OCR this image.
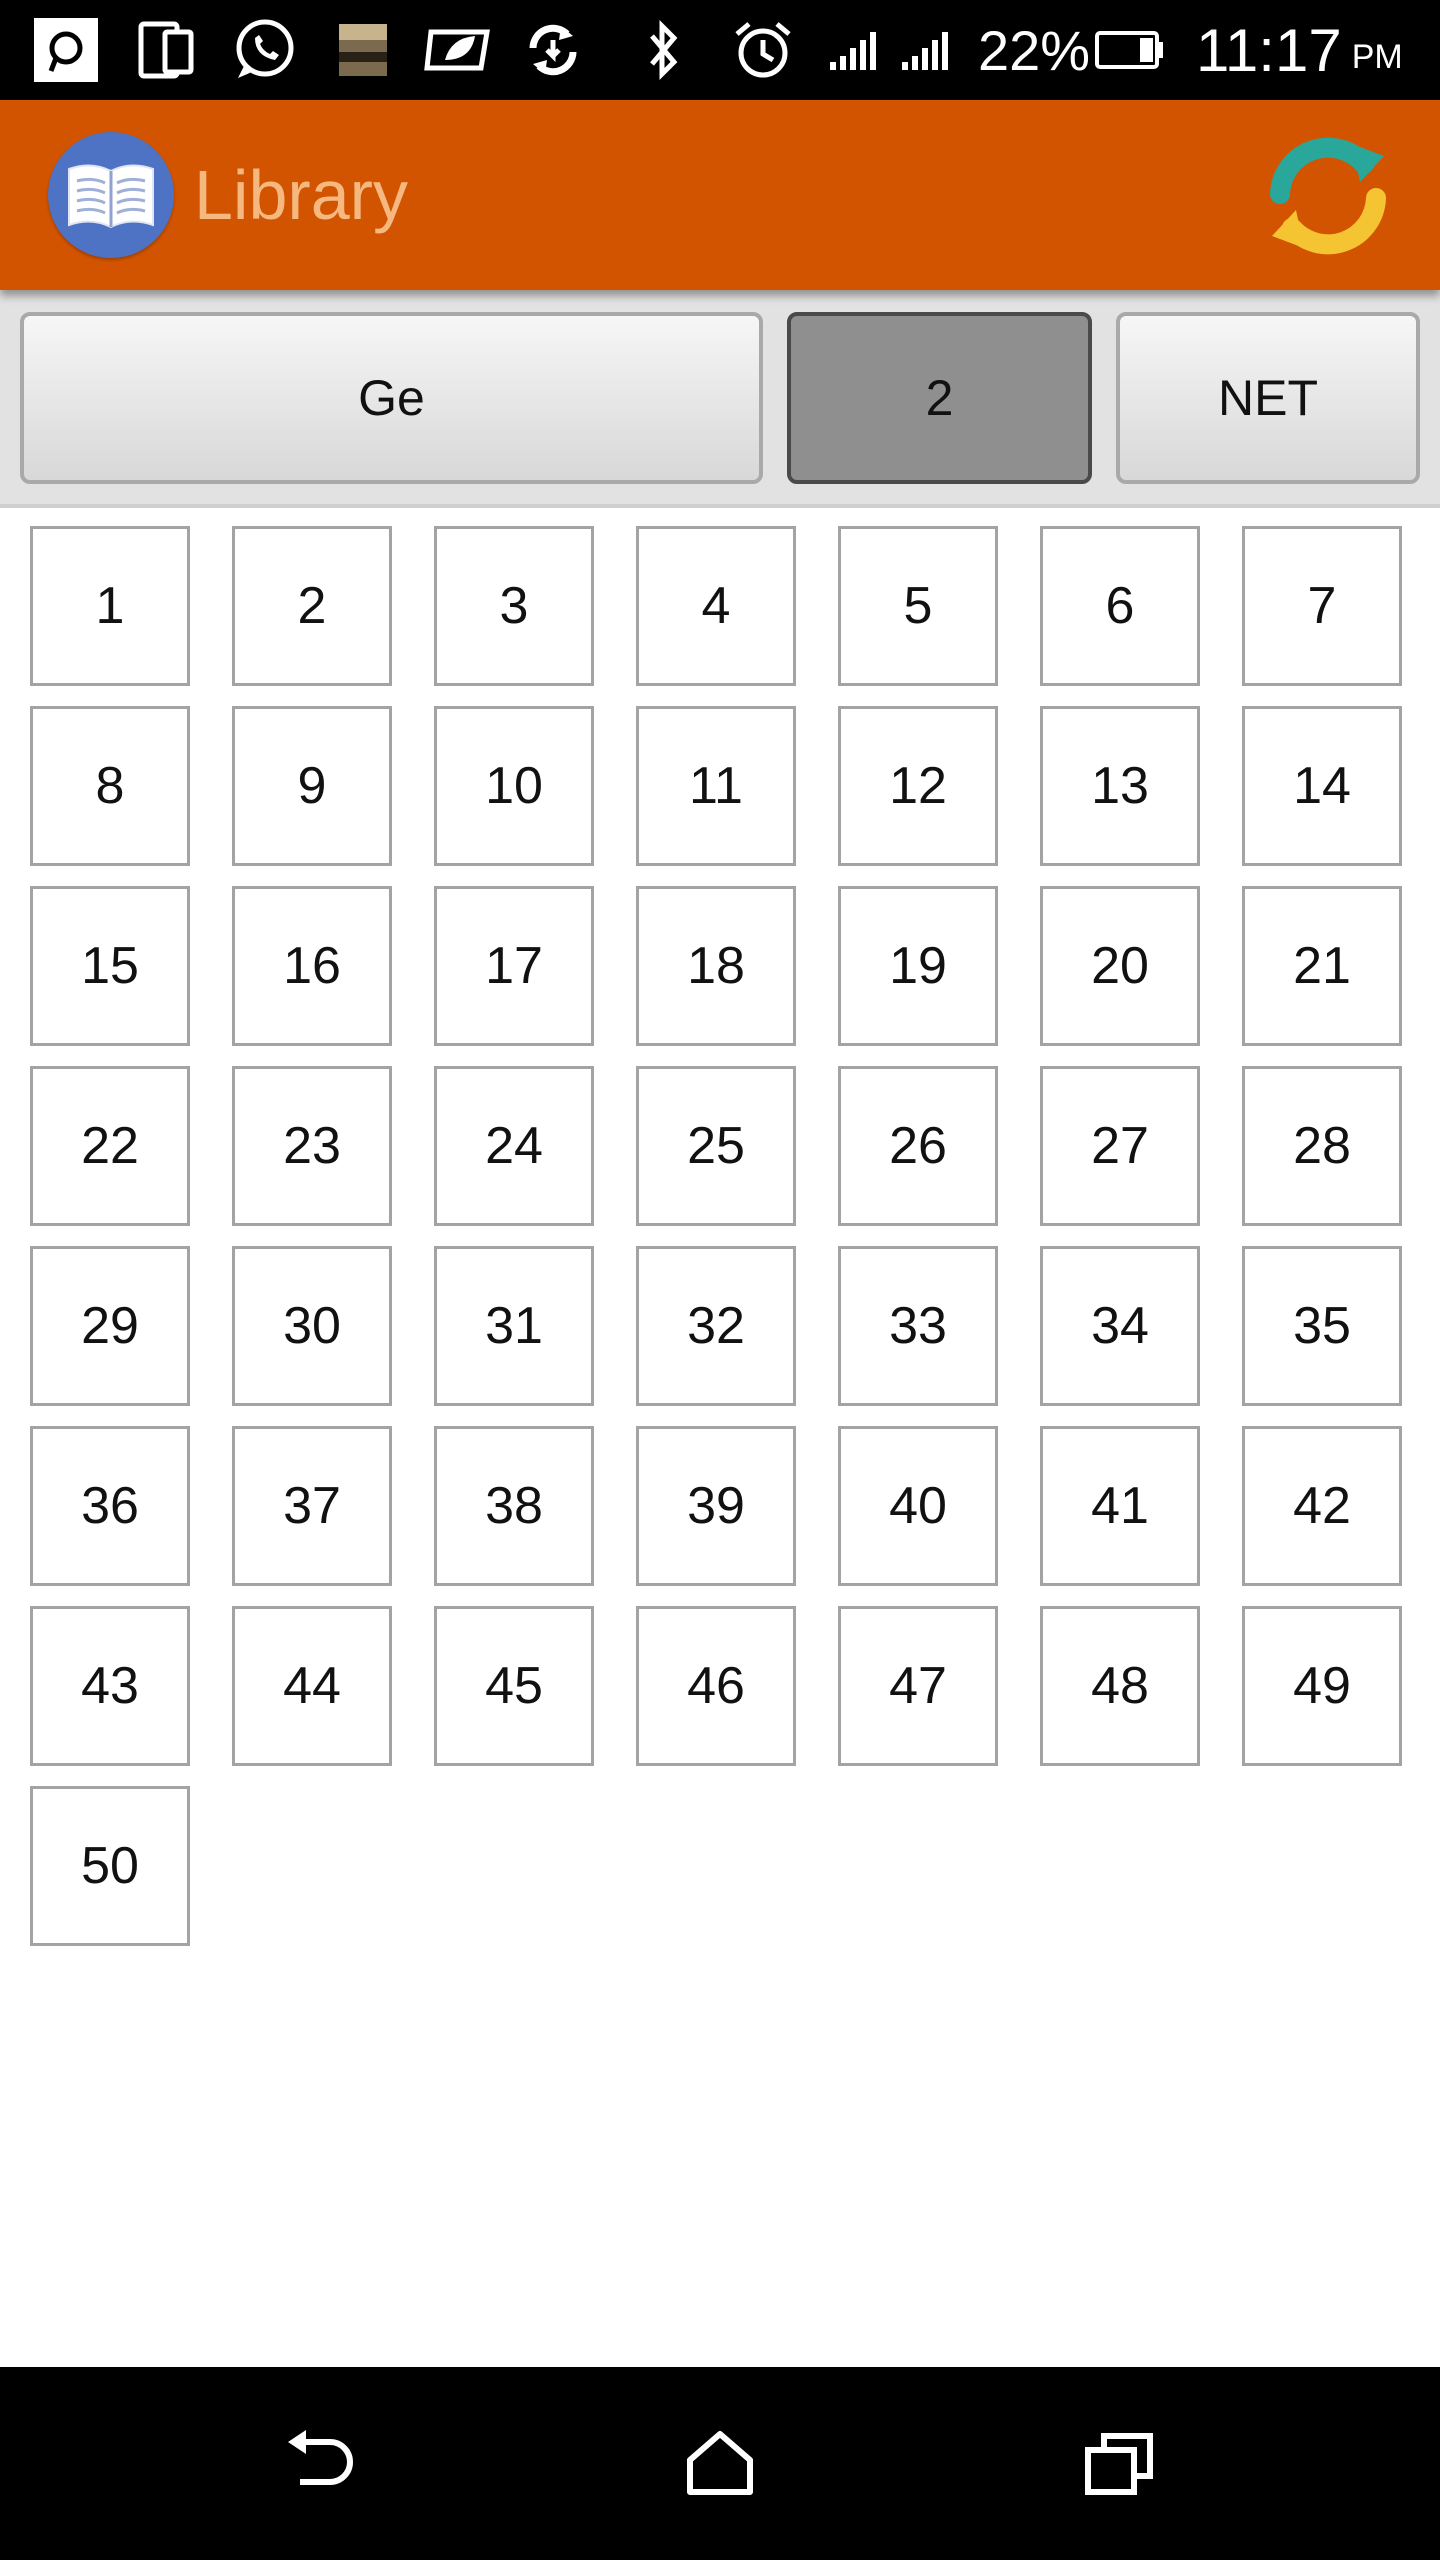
22% 11:17 PM
Library
Ge	2	NET
1	2	3	4	5	6	7
8	9	10	11	12	13	14
15	16	17	18	19	20	21
22	23	24	25	26	27	28
29	30	31	32	33	34	35
36	37	38	39	40	41	42
43	44	45	46	47	48	49
50
